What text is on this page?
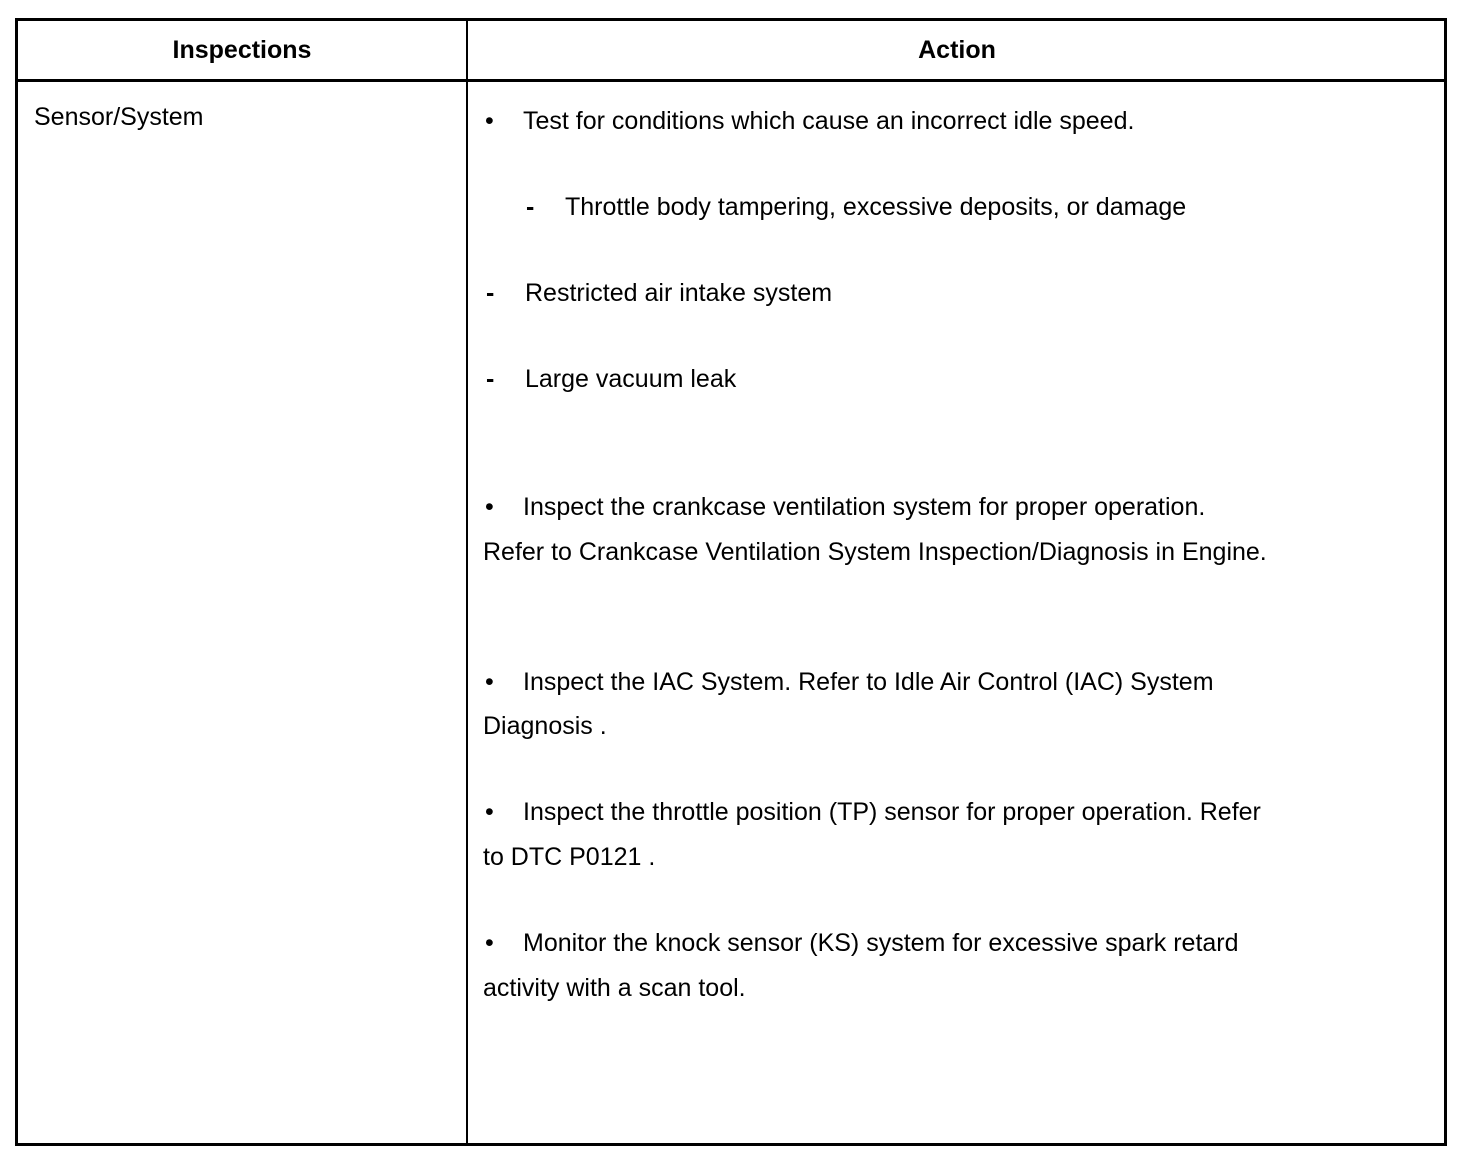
Inspections	Action
Sensor/System	• Test for conditions which cause an incorrect idle speed.
- Throttle body tampering, excessive deposits, or damage
- Restricted air intake system
- Large vacuum leak
• Inspect the crankcase ventilation system for proper operation.
Refer to Crankcase Ventilation System Inspection/Diagnosis in Engine.
• Inspect the IAC System. Refer to Idle Air Control (IAC) System
Diagnosis .
• Inspect the throttle position (TP) sensor for proper operation. Refer
to DTC P0121 .
• Monitor the knock sensor (KS) system for excessive spark retard
activity with a scan tool.
